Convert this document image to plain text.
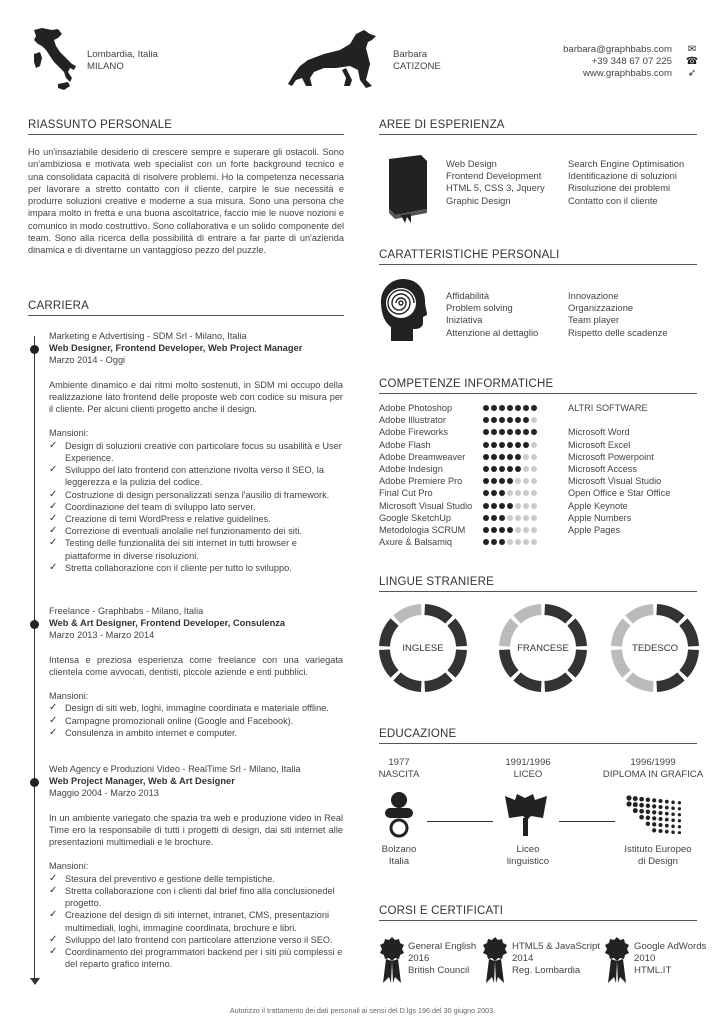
Lombardia, Italia
MILANO
Barbara
CATIZONE
barbara@graphbabs.com
+39 348 67 07 225
www.graphbabs.com
✉
☎
➶
RIASSUNTO PERSONALE
Ho un'insaziabile desiderio di crescere sempre e superare gli ostacoli. Sono un'ambiziosa e motivata web specialist con un forte background tecnico e una consolidata capacità di risolvere problemi. Ho la competenza necessaria per lavorare a stretto contatto con il cliente, carpire le sue necessità e produrre soluzioni creative e moderne a sua misura. Sono una persona che impara molto in fretta e una buona ascoltatrice, faccio mie le nuove nozioni e comunico in modo costruttivo. Sono collaborativa e un solido componente del team. Sono alla ricerca della possibilità di entrare a far parte di un'azienda dinamica e di diventarne un vantaggioso pezzo del puzzle.
CARRIERA
Marketing e Advertising - SDM Srl - Milano, Italia
Web Designer, Frontend Developer, Web Project Manager
Marzo 2014 - Oggi
Ambiente dinamico e dai ritmi molto sostenuti, in SDM mi occupo della realizzazione lato frontend delle proposte web con codice su misura per il cliente. Per alcuni clienti progetto anche il design.
Mansioni:
✓ Design di soluzioni creative con particolare focus su usabilità e User Experience.
✓ Sviluppo del lato frontend con attenzione rivolta verso il SEO, la leggerezza e la pulizia del codice.
✓ Costruzione di design personalizzati senza l'ausilio di framework.
✓ Coordinazione del team di sviluppo lato server.
✓ Creazione di temi WordPress e relative guidelines.
✓ Correzione di eventuali anolalie nel funzionamento dei siti.
✓ Testing delle funzionalità dei siti internet in tutti browser e piattaforme in diverse risoluzioni.
✓ Stretta collaborazione con il cliente per tutto lo sviluppo.
Freelance - Graphbabs - Milano, Italia
Web & Art Designer, Frontend Developer, Consulenza
Marzo 2013 - Marzo 2014
Intensa e preziosa esperienza come freelance con una variegata clientela come avvocati, dentisti, piccole aziende e enti pubblici.
Mansioni:
✓ Design di siti web, loghi, immagine coordinata e materiale offline.
✓ Campagne promozionali online (Google and Facebook).
✓ Consulenza in ambito internet e computer.
Web Agency e Produzioni Video - RealTime Srl - Milano, Italia
Web Project Manager, Web & Art Designer
Maggio 2004 - Marzo 2013
In un ambiente variegato che spazia tra web e produzione video in Real Time ero la responsabile di tutti i progetti di design, dai siti internet alle presentazioni multimediali e le brochure.
Mansioni:
✓ Stesura del preventivo e gestione delle tempistiche.
✓ Stretta collaborazione con i clienti dal brief fino alla conclusionedel progetto.
✓ Creazione del design di siti internet, intranet, CMS, presentazioni multimediali, loghi, immagine coordinata, brochure e libri.
✓ Sviluppo del lato frontend con particolare attenzione verso il SEO.
✓ Coordinamento dei programmatori backend per i siti più complessi e del reparto grafico interno.
AREE DI ESPERIENZA
Web Design
Frontend Development
HTML 5, CSS 3, Jquery
Graphic Design
Search Engine Optimisation
Identificazione di soluzioni
Risoluzione dei problemi
Contatto con il cliente
CARATTERISTICHE PERSONALI
Affidabilità
Problem solving
Iniziativa
Attenzione al dettaglio
Innovazione
Organizzazione
Team player
Rispetto delle scadenze
COMPETENZE INFORMATICHE
Adobe Photoshop
Adobe Illustrator
Adobe Fireworks
Adobe Flash
Adobe Dreamweaver
Adobe Indesign
Adobe Premiere Pro
Final Cut Pro
Microsoft Visual Studio
Google SketchUp
Metodologia SCRUM
Axure & Balsamiq
ALTRI SOFTWARE
Microsoft Word
Microsoft Excel
Microsoft Powerpoint
Microsoft Access
Microsoft Visual Studio
Open Office e Star Office
Apple Keynote
Apple Numbers
Apple Pages
LINGUE STRANIERE
INGLESE	FRANCESE	TEDESCO
EDUCAZIONE
1977
NASCITA
1991/1996
LICEO
1996/1999
DIPLOMA IN GRAFICA
Bolzano
Italia
Liceo
linguistico
Istituto Europeo
di Design
CORSI E CERTIFICATI
General English
2016
British Council
HTML5 & JavaScript
2014
Reg. Lombardia
Google AdWords
2010
HTML.IT
Autorizzo il trattamento dei dati personali ai sensi del D.lgs 196 del 30 giugno 2003.
